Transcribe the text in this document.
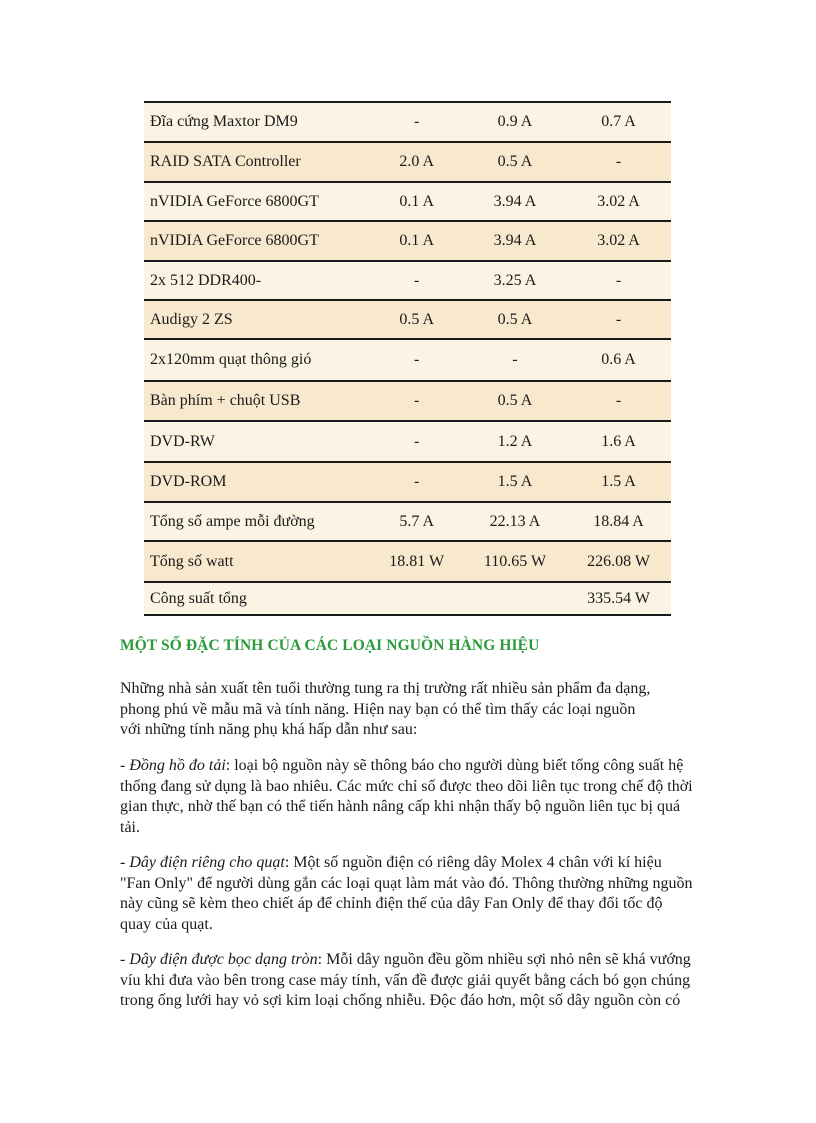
Đĩa cứng Maxtor DM9	-	0.9 A	0.7 A
RAID SATA Controller	2.0 A	0.5 A	-
nVIDIA GeForce 6800GT	0.1 A	3.94 A	3.02 A
nVIDIA GeForce 6800GT	0.1 A	3.94 A	3.02 A
2x 512 DDR400-	-	3.25 A	-
Audigy 2 ZS	0.5 A	0.5 A	-
2x120mm quạt thông gió	-	-	0.6 A
Bàn phím + chuột USB	-	0.5 A	-
DVD-RW	-	1.2 A	1.6 A
DVD-ROM	-	1.5 A	1.5 A
Tổng số ampe mỗi đường	5.7 A	22.13 A	18.84 A
Tổng số watt	18.81 W	110.65 W	226.08 W
Công suất tổng			335.54 W
MỘT SỐ ĐẶC TÍNH CỦA CÁC LOẠI NGUỒN HÀNG HIỆU

Những nhà sản xuất tên tuổi thường tung ra thị trường rất nhiều sản phẩm đa dạng,
phong phú về mẫu mã và tính năng. Hiện nay bạn có thể tìm thấy các loại nguồn
với những tính năng phụ khá hấp dẫn như sau:

- Đồng hồ đo tải: loại bộ nguồn này sẽ thông báo cho người dùng biết tổng công suất hệ
thống đang sử dụng là bao nhiêu. Các mức chỉ số được theo dõi liên tục trong chế độ thời
gian thực, nhờ thế bạn có thể tiến hành nâng cấp khi nhận thấy bộ nguồn liên tục bị quá
tải.

- Dây điện riêng cho quạt: Một số nguồn điện có riêng dây Molex 4 chân với kí hiệu
"Fan Only" để người dùng gắn các loại quạt làm mát vào đó. Thông thường những nguồn
này cũng sẽ kèm theo chiết áp để chỉnh điện thế của dây Fan Only để thay đổi tốc độ
quay của quạt.

- Dây điện được bọc dạng tròn: Mỗi dây nguồn đều gồm nhiều sợi nhỏ nên sẽ khá vướng
víu khi đưa vào bên trong case máy tính, vấn đề được giải quyết bằng cách bó gọn chúng
trong ống lưới hay vỏ sợi kim loại chống nhiễu. Độc đáo hơn, một số dây nguồn còn có
